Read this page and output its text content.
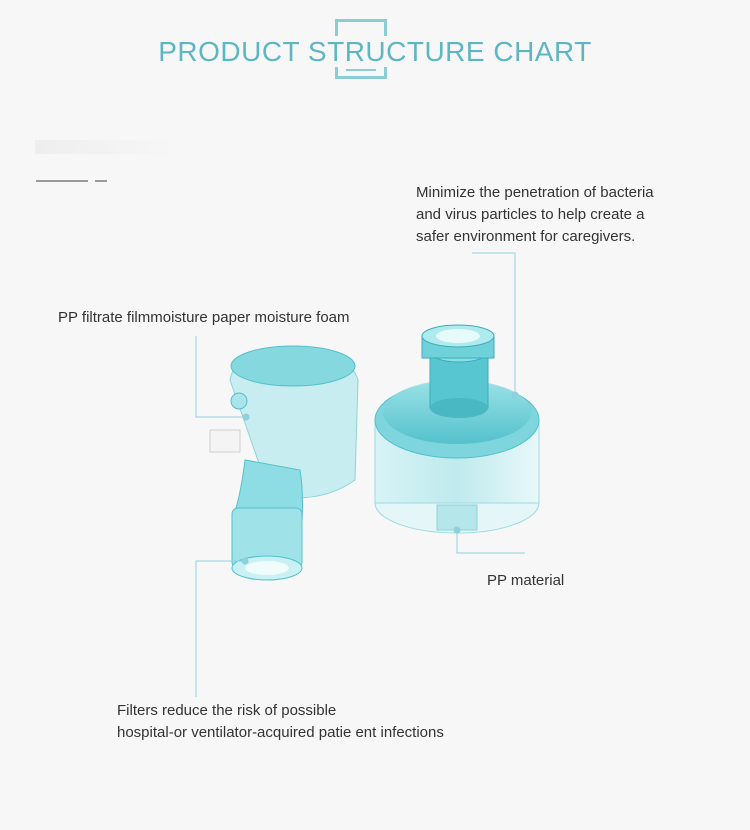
PRODUCT STRUCTURE CHART
Minimize the penetration of bacteria
and virus particles to help create a
safer environment for caregivers.
PP filtrate filmmoisture paper moisture foam
PP material
Filters reduce the risk of possible
hospital-or ventilator-acquired patie ent infections
